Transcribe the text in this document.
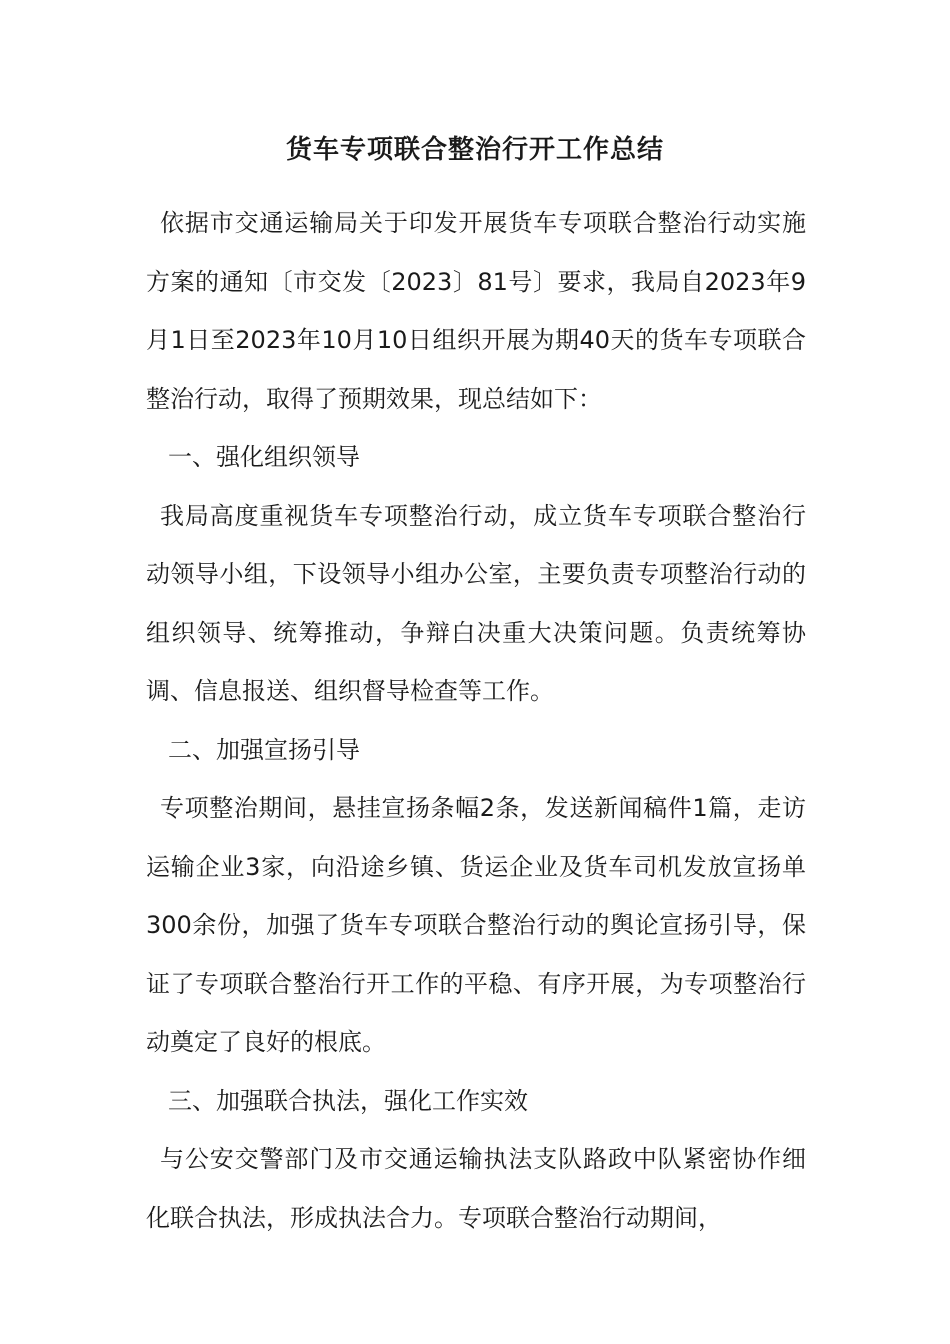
货车专项联合整治行开工作总结

依据市交通运输局关于印发开展货车专项联合整治行动实施方案的通知〔市交发〔2023〕81号〕要求，我局自2023年9月1日至2023年10月10日组织开展为期40天的货车专项联合整治行动，取得了预期效果，现总结如下：

一、强化组织领导

我局高度重视货车专项整治行动，成立货车专项联合整治行动领导小组，下设领导小组办公室，主要负责专项整治行动的组织领导、统筹推动，争辩白决重大决策问题。负责统筹协调、信息报送、组织督导检查等工作。

二、加强宣扬引导

专项整治期间，悬挂宣扬条幅2条，发送新闻稿件1篇，走访运输企业3家，向沿途乡镇、货运企业及货车司机发放宣扬单300余份，加强了货车专项联合整治行动的舆论宣扬引导，保证了专项联合整治行开工作的平稳、有序开展，为专项整治行动奠定了良好的根底。

三、加强联合执法，强化工作实效

与公安交警部门及市交通运输执法支队路政中队紧密协作细化联合执法，形成执法合力。专项联合整治行动期间，
